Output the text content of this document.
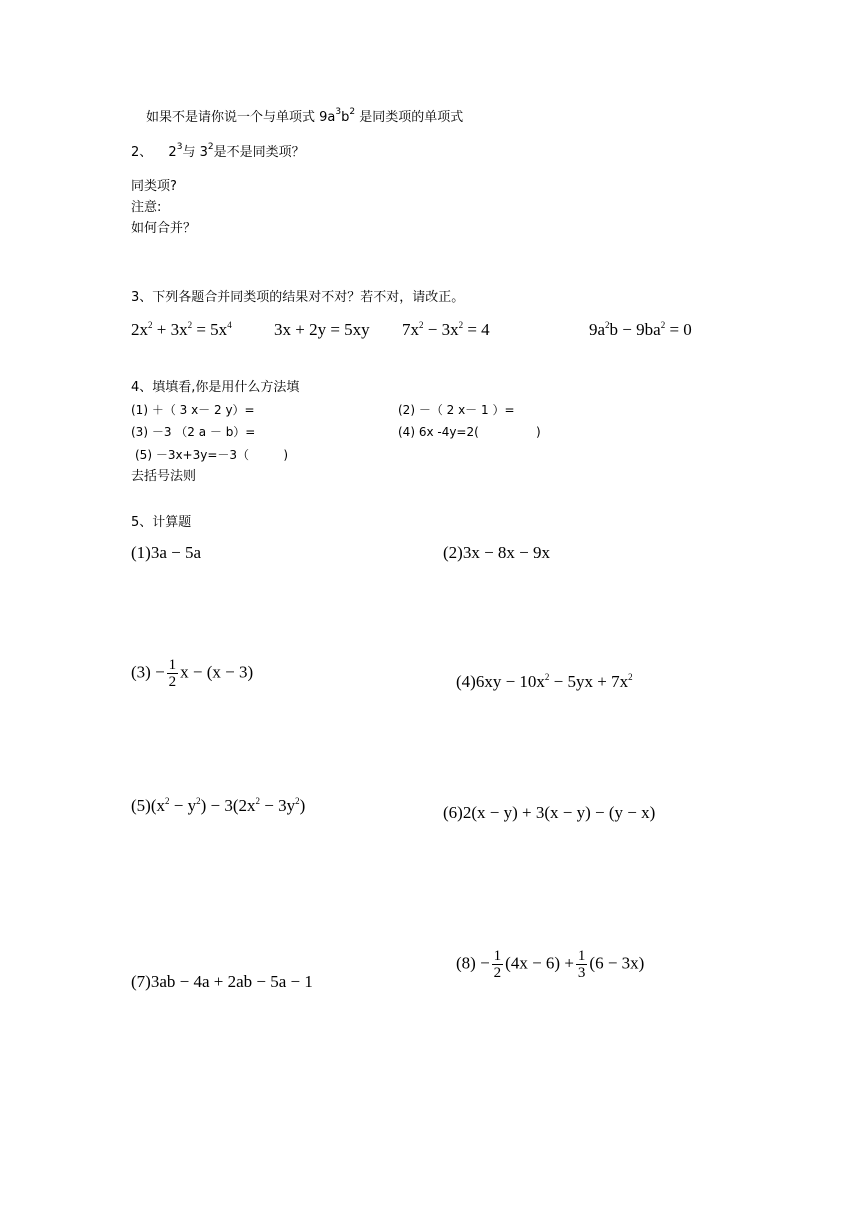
如果不是请你说一个与单项式 $9a^3b^2$ 是同类项的单项式
2、 $2^3$与 $3^2$是不是同类项？
同类项?
注意:
如何合并？
3、下列各题合并同类项的结果对不对？若不对，请改正。
$2x^2 + 3x^2 = 5x^4$ 3x + 2y = 5xy $7x^2 - 3x^2 = 4$	$9a^2b - 9ba^2 = 0$
4、填填看,你是用什么方法填
(1) ＋（ 3 x－ 2 y）=	(2) －（ 2 x－ 1 ）=
(3) －3 （2 a － b）=	(4) 6x -4y=2(               )
(5) －3x+3y=－3（         )
去括号法则
5、计算题
(1)3a − 5a	(2)3x − 8x − 9x
$(3) - \frac{1}{2}$ x − (x − 3)
$(4)6xy - 10x^2 - 5yx + 7x^2$
$(5)(x^2 - y^2) - 3(2x^2 - 3y^2)$	(6)2(x − y) + 3(x − y) − (y − x)
(7)3ab − 4a + 2ab − 5a − 1
$(8) - \frac{1}{2} (4x - 6) + \frac{1}{3} (6 - 3x)$
